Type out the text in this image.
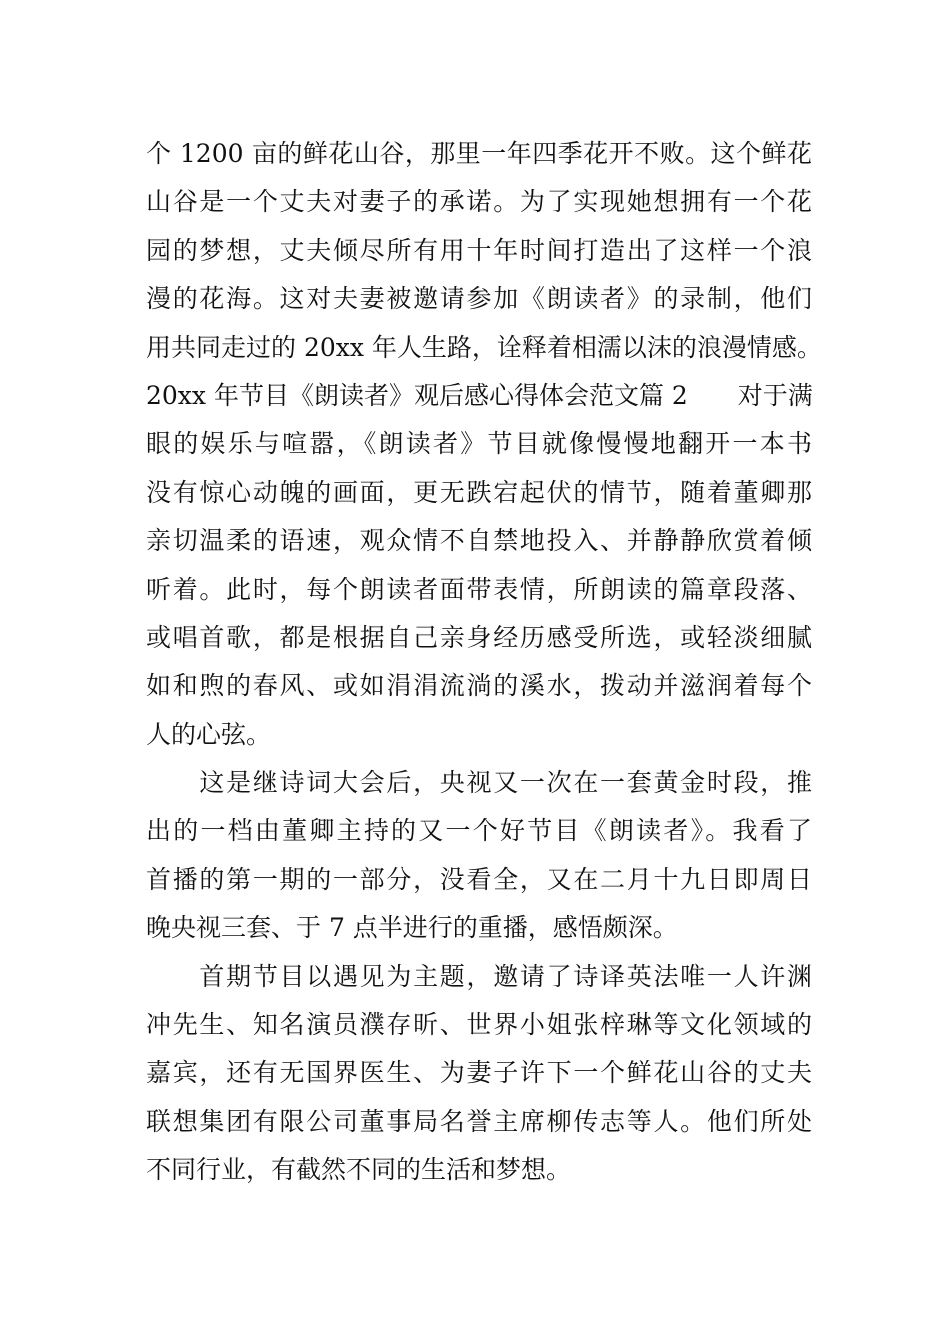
个 1200 亩的鲜花山谷，那里一年四季花开不败。这个鲜花
山谷是一个丈夫对妻子的承诺。为了实现她想拥有一个花
园的梦想，丈夫倾尽所有用十年时间打造出了这样一个浪
漫的花海。这对夫妻被邀请参加《朗读者》的录制，他们
用共同走过的 20xx 年人生路，诠释着相濡以沫的浪漫情感。
20xx 年节目《朗读者》观后感心得体会范文篇 2　　对于满
眼的娱乐与喧嚣，《朗读者》节目就像慢慢地翻开一本书
没有惊心动魄的画面，更无跌宕起伏的情节，随着董卿那
亲切温柔的语速，观众情不自禁地投入、并静静欣赏着倾
听着。此时，每个朗读者面带表情，所朗读的篇章段落、
或唱首歌，都是根据自己亲身经历感受所选，或轻淡细腻
如和煦的春风、或如涓涓流淌的溪水，拨动并滋润着每个
人的心弦。
　　这是继诗词大会后，央视又一次在一套黄金时段，推
出的一档由董卿主持的又一个好节目《朗读者》。我看了
首播的第一期的一部分，没看全，又在二月十九日即周日
晚央视三套、于 7 点半进行的重播，感悟颇深。
　　首期节目以遇见为主题，邀请了诗译英法唯一人许渊
冲先生、知名演员濮存昕、世界小姐张梓琳等文化领域的
嘉宾，还有无国界医生、为妻子许下一个鲜花山谷的丈夫
联想集团有限公司董事局名誉主席柳传志等人。他们所处
不同行业，有截然不同的生活和梦想。
